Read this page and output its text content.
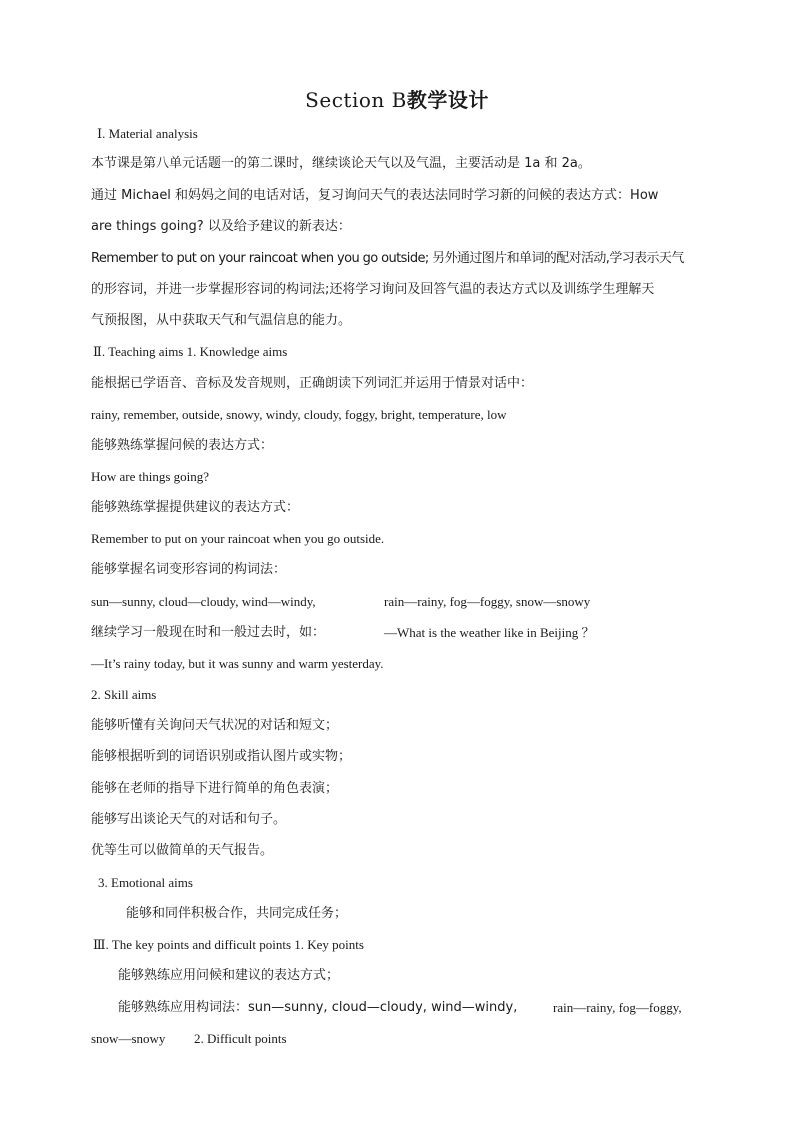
Section B教学设计
Ⅰ. Material analysis
本节课是第八单元话题一的第二课时，继续谈论天气以及气温，主要活动是 1a 和 2a。
通过 Michael 和妈妈之间的电话对话，复习询问天气的表达法同时学习新的问候的表达方式：How
are things going? 以及给予建议的新表达：
Remember to put on your raincoat when you go outside; 另外通过图片和单词的配对活动,学习表示天气
的形容词，并进一步掌握形容词的构词法;还将学习询问及回答气温的表达方式以及训练学生理解天
气预报图，从中获取天气和气温信息的能力。
Ⅱ. Teaching aims 1. Knowledge aims
能根据已学语音、音标及发音规则，正确朗读下列词汇并运用于情景对话中：
rainy, remember, outside, snowy, windy, cloudy, foggy, bright, temperature, low
能够熟练掌握问候的表达方式：
How are things going?
能够熟练掌握提供建议的表达方式：
Remember to put on your raincoat when you go outside.
能够掌握名词变形容词的构词法：
sun—sunny, cloud—cloudy, wind—windy,	rain—rainy, fog—foggy, snow—snowy
继续学习一般现在时和一般过去时，如：	—What is the weather like in Beijing ？
—It’s rainy today, but it was sunny and warm yesterday.
2. Skill aims
能够听懂有关询问天气状况的对话和短文；
能够根据听到的词语识别或指认图片或实物；
能够在老师的指导下进行简单的角色表演；
能够写出谈论天气的对话和句子。
优等生可以做简单的天气报告。
3. Emotional aims
能够和同伴积极合作，共同完成任务；
Ⅲ. The key points and difficult points 1. Key points
能够熟练应用问候和建议的表达方式；
能够熟练应用构词法：sun—sunny, cloud—cloudy, wind—windy,	rain—rainy, fog—foggy,
snow—snowy 2. Difficult points
